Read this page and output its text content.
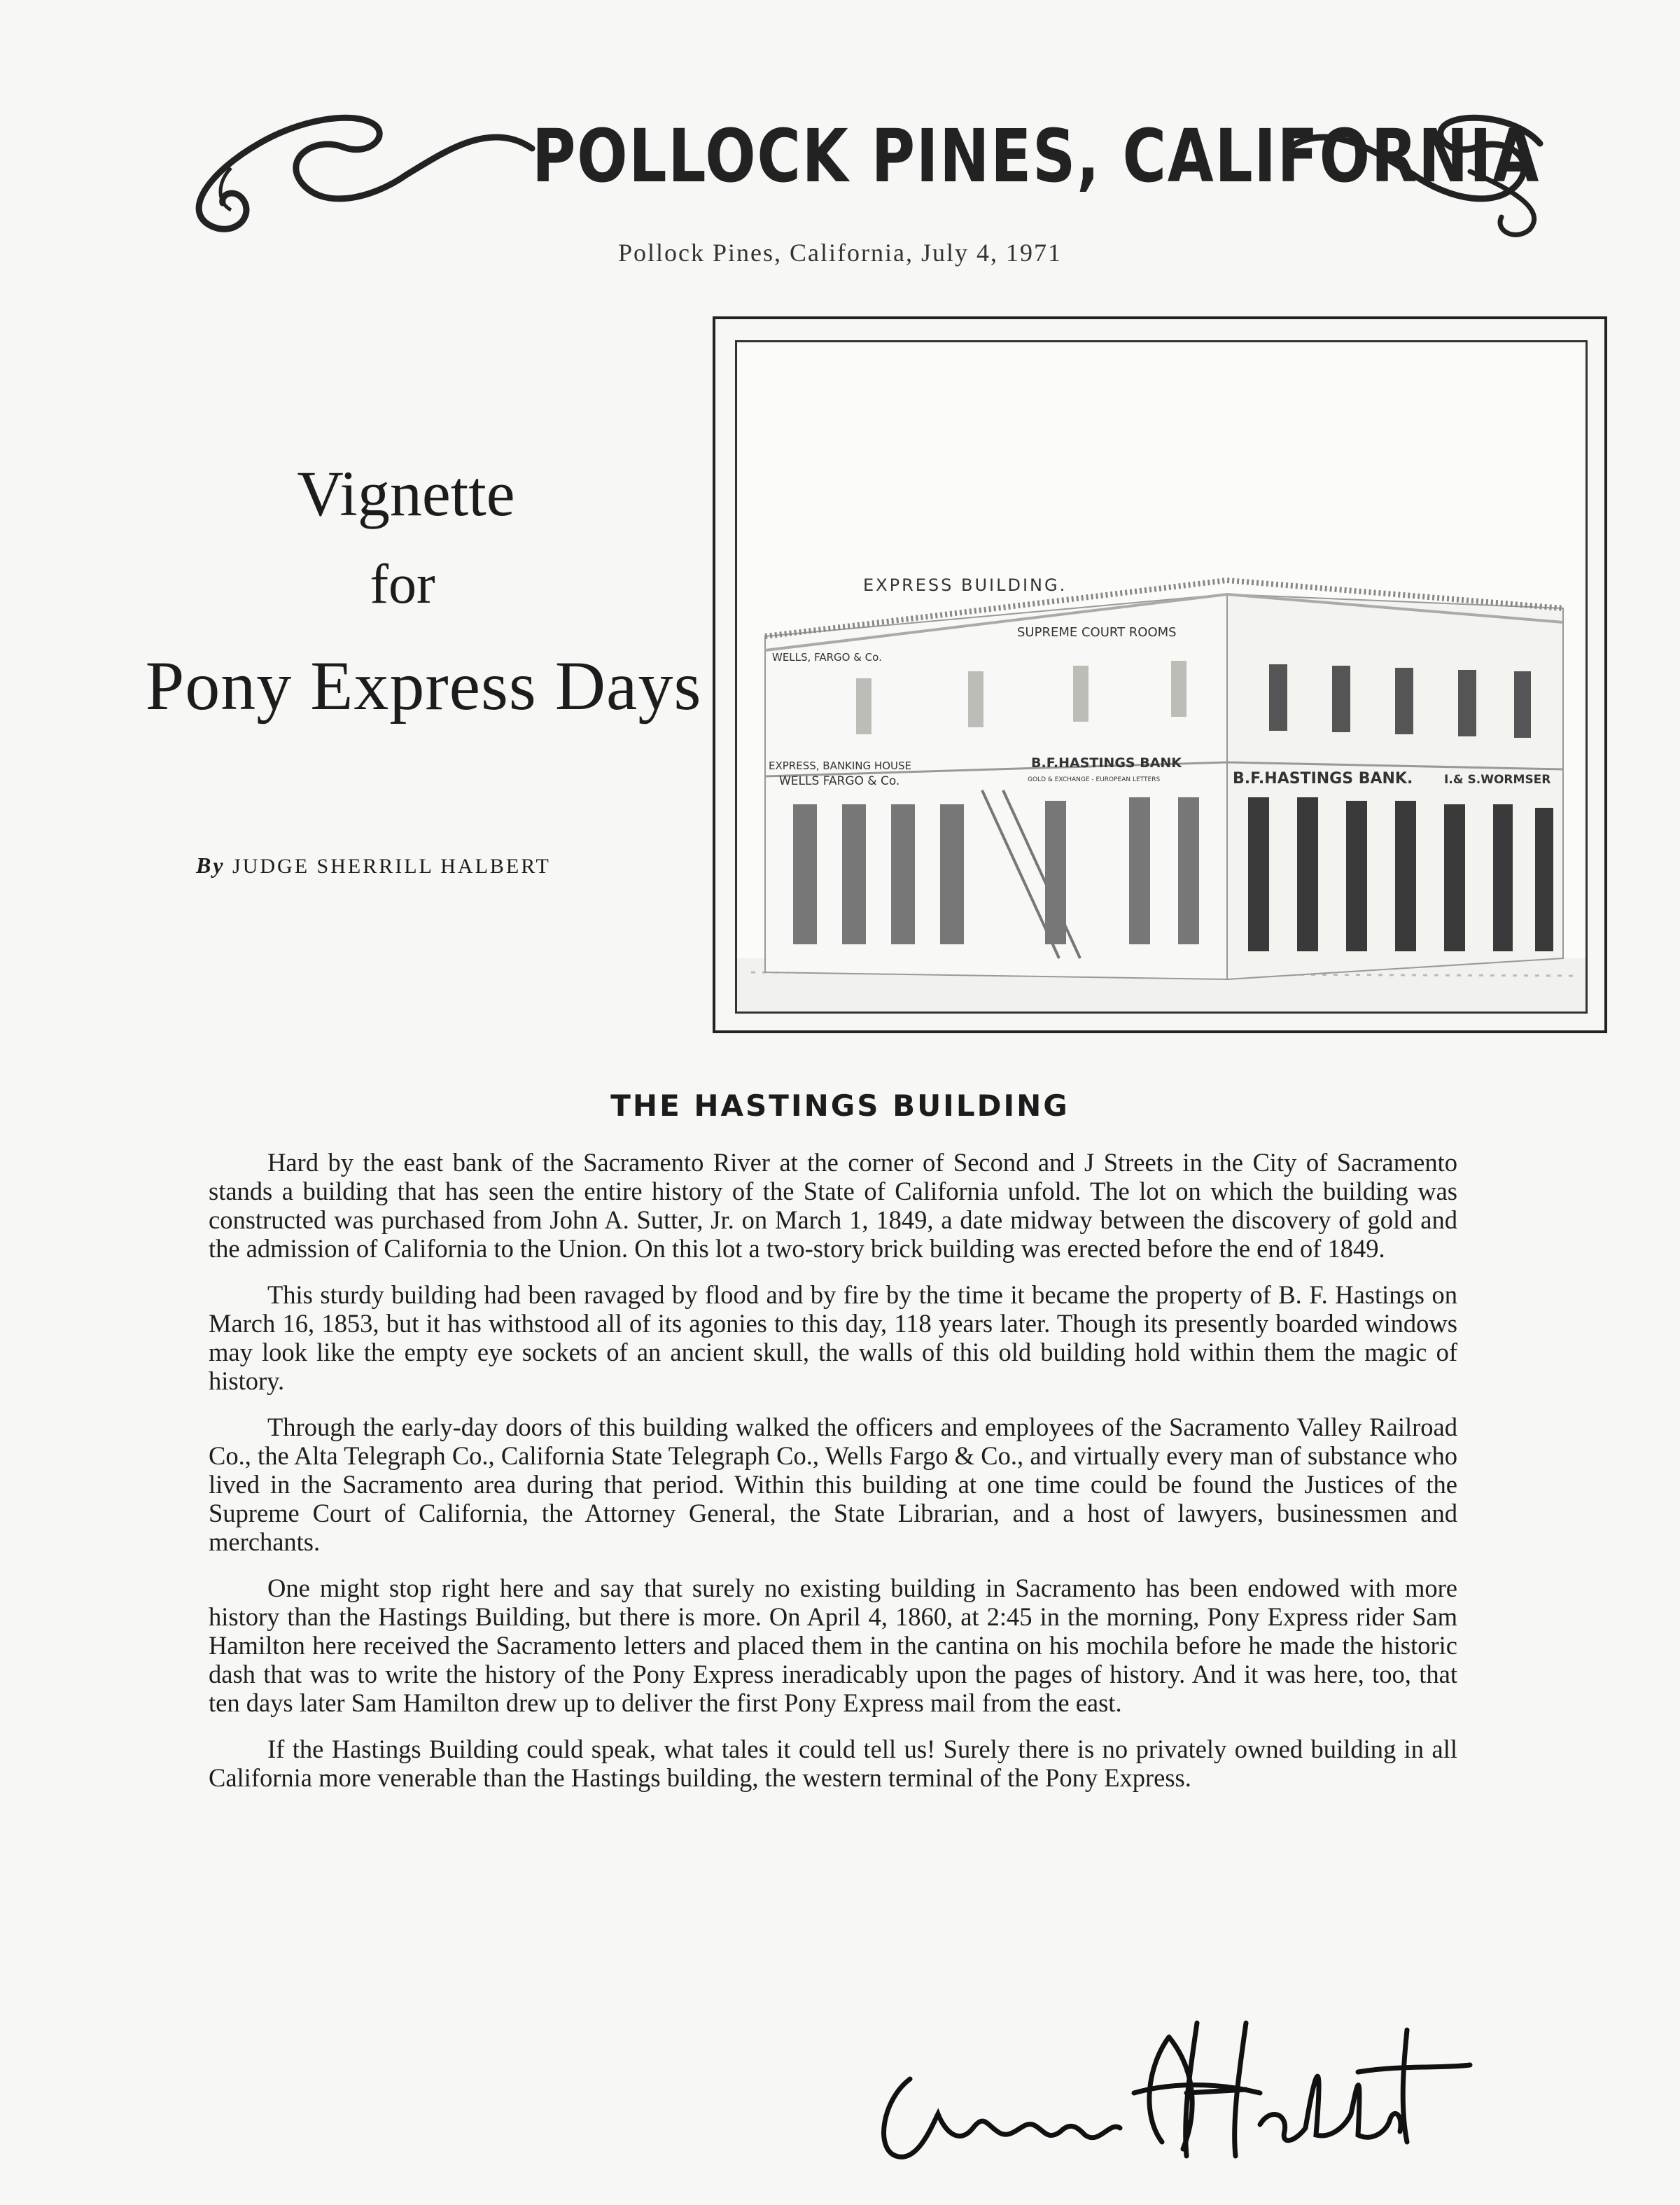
POLLOCK PINES, CALIFORNIA
Pollock Pines, California, July 4, 1971
Vignette
for
Pony Express Days
By JUDGE SHERRILL HALBERT
EXPRESS BUILDING.
WELLS, FARGO & Co.
SUPREME COURT ROOMS
EXPRESS, BANKING HOUSE
WELLS FARGO & Co.
B.F.HASTINGS BANK
GOLD & EXCHANGE - EUROPEAN LETTERS	B.F.HASTINGS BANK.	I.& S.WORMSER
THE HASTINGS BUILDING

Hard by the east bank of the Sacramento River at the corner of Second and J Streets in the City of Sacramento stands a building that has seen the entire history of the State of California unfold. The lot on which the building was constructed was purchased from John A. Sutter, Jr. on March 1, 1849, a date midway between the discovery of gold and the admission of California to the Union. On this lot a two-story brick building was erected before the end of 1849.

This sturdy building had been ravaged by flood and by fire by the time it became the property of B. F. Hastings on March 16, 1853, but it has withstood all of its agonies to this day, 118 years later. Though its presently boarded windows may look like the empty eye sockets of an ancient skull, the walls of this old building hold within them the magic of history.

Through the early-day doors of this building walked the officers and employees of the Sacramento Valley Railroad Co., the Alta Telegraph Co., California State Telegraph Co., Wells Fargo & Co., and virtually every man of substance who lived in the Sacramento area during that period. Within this building at one time could be found the Justices of the Supreme Court of California, the Attorney General, the State Librarian, and a host of lawyers, businessmen and merchants.

One might stop right here and say that surely no existing building in Sacramento has been endowed with more history than the Hastings Building, but there is more. On April 4, 1860, at 2:45 in the morning, Pony Express rider Sam Hamilton here received the Sacramento letters and placed them in the cantina on his mochila before he made the historic dash that was to write the history of the Pony Express ineradicably upon the pages of history. And it was here, too, that ten days later Sam Hamilton drew up to deliver the first Pony Express mail from the east.

If the Hastings Building could speak, what tales it could tell us! Surely there is no privately owned building in all California more venerable than the Hastings building, the western terminal of the Pony Express.
